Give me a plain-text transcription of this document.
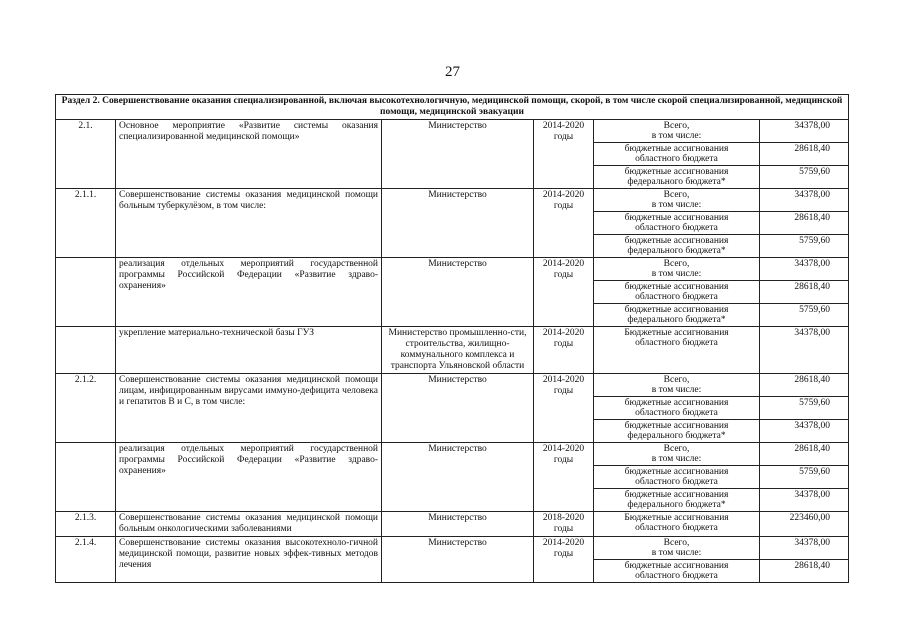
27
Раздел 2. Совершенствование оказания специализированной, включая высокотехнологичную, медицинской помощи, скорой, в том числе скорой специализированной, медицинской помощи, медицинской эвакуации					
2.1.	Основное мероприятие «Развитие системы оказания специализированной медицинской помощи»	Министерство	2014-2020 годы	Всего,
в том числе:	34378,00
				бюджетные ассигнования
областного бюджета	28618,40
				бюджетные ассигнования
федерального бюджета*	5759,60
2.1.1.	Совершенствование системы оказания медицинской помощи больным туберкулёзом, в том числе:	Министерство	2014-2020 годы	Всего,
в том числе:	34378,00
				бюджетные ассигнования
областного бюджета	28618,40
				бюджетные ассигнования
федерального бюджета*	5759,60
	реализация отдельных мероприятий государственной программы Российской Федерации «Развитие здраво-охранения»	Министерство	2014-2020 годы	Всего,
в том числе:	34378,00
				бюджетные ассигнования
областного бюджета	28618,40
				бюджетные ассигнования
федерального бюджета*	5759,60
	укрепление материально-технической базы ГУЗ	Министерство промышленно-сти, строительства, жилищно-коммунального комплекса и транспорта Ульяновской области	2014-2020 годы	Бюджетные ассигнования
областного бюджета	34378,00
2.1.2.	Совершенствование системы оказания медицинской помощи лицам, инфицированным вирусами иммуно-дефицита человека и гепатитов В и С, в том числе:	Министерство	2014-2020 годы	Всего,
в том числе:	28618,40
				бюджетные ассигнования
областного бюджета	5759,60
				бюджетные ассигнования
федерального бюджета*	34378,00
	реализация отдельных мероприятий государственной программы Российской Федерации «Развитие здраво-охранения»	Министерство	2014-2020 годы	Всего,
в том числе:	28618,40
				бюджетные ассигнования
областного бюджета	5759,60
				бюджетные ассигнования
федерального бюджета*	34378,00
2.1.3.	Совершенствование системы оказания медицинской помощи больным онкологическими заболеваниями	Министерство	2018-2020 годы	Бюджетные ассигнования
областного бюджета	223460,00
2.1.4.	Совершенствование системы оказания высокотехноло-гичной медицинской помощи, развитие новых эффек-тивных методов лечения	Министерство	2014-2020 годы	Всего,
в том числе:	34378,00
				бюджетные ассигнования
областного бюджета	28618,40
